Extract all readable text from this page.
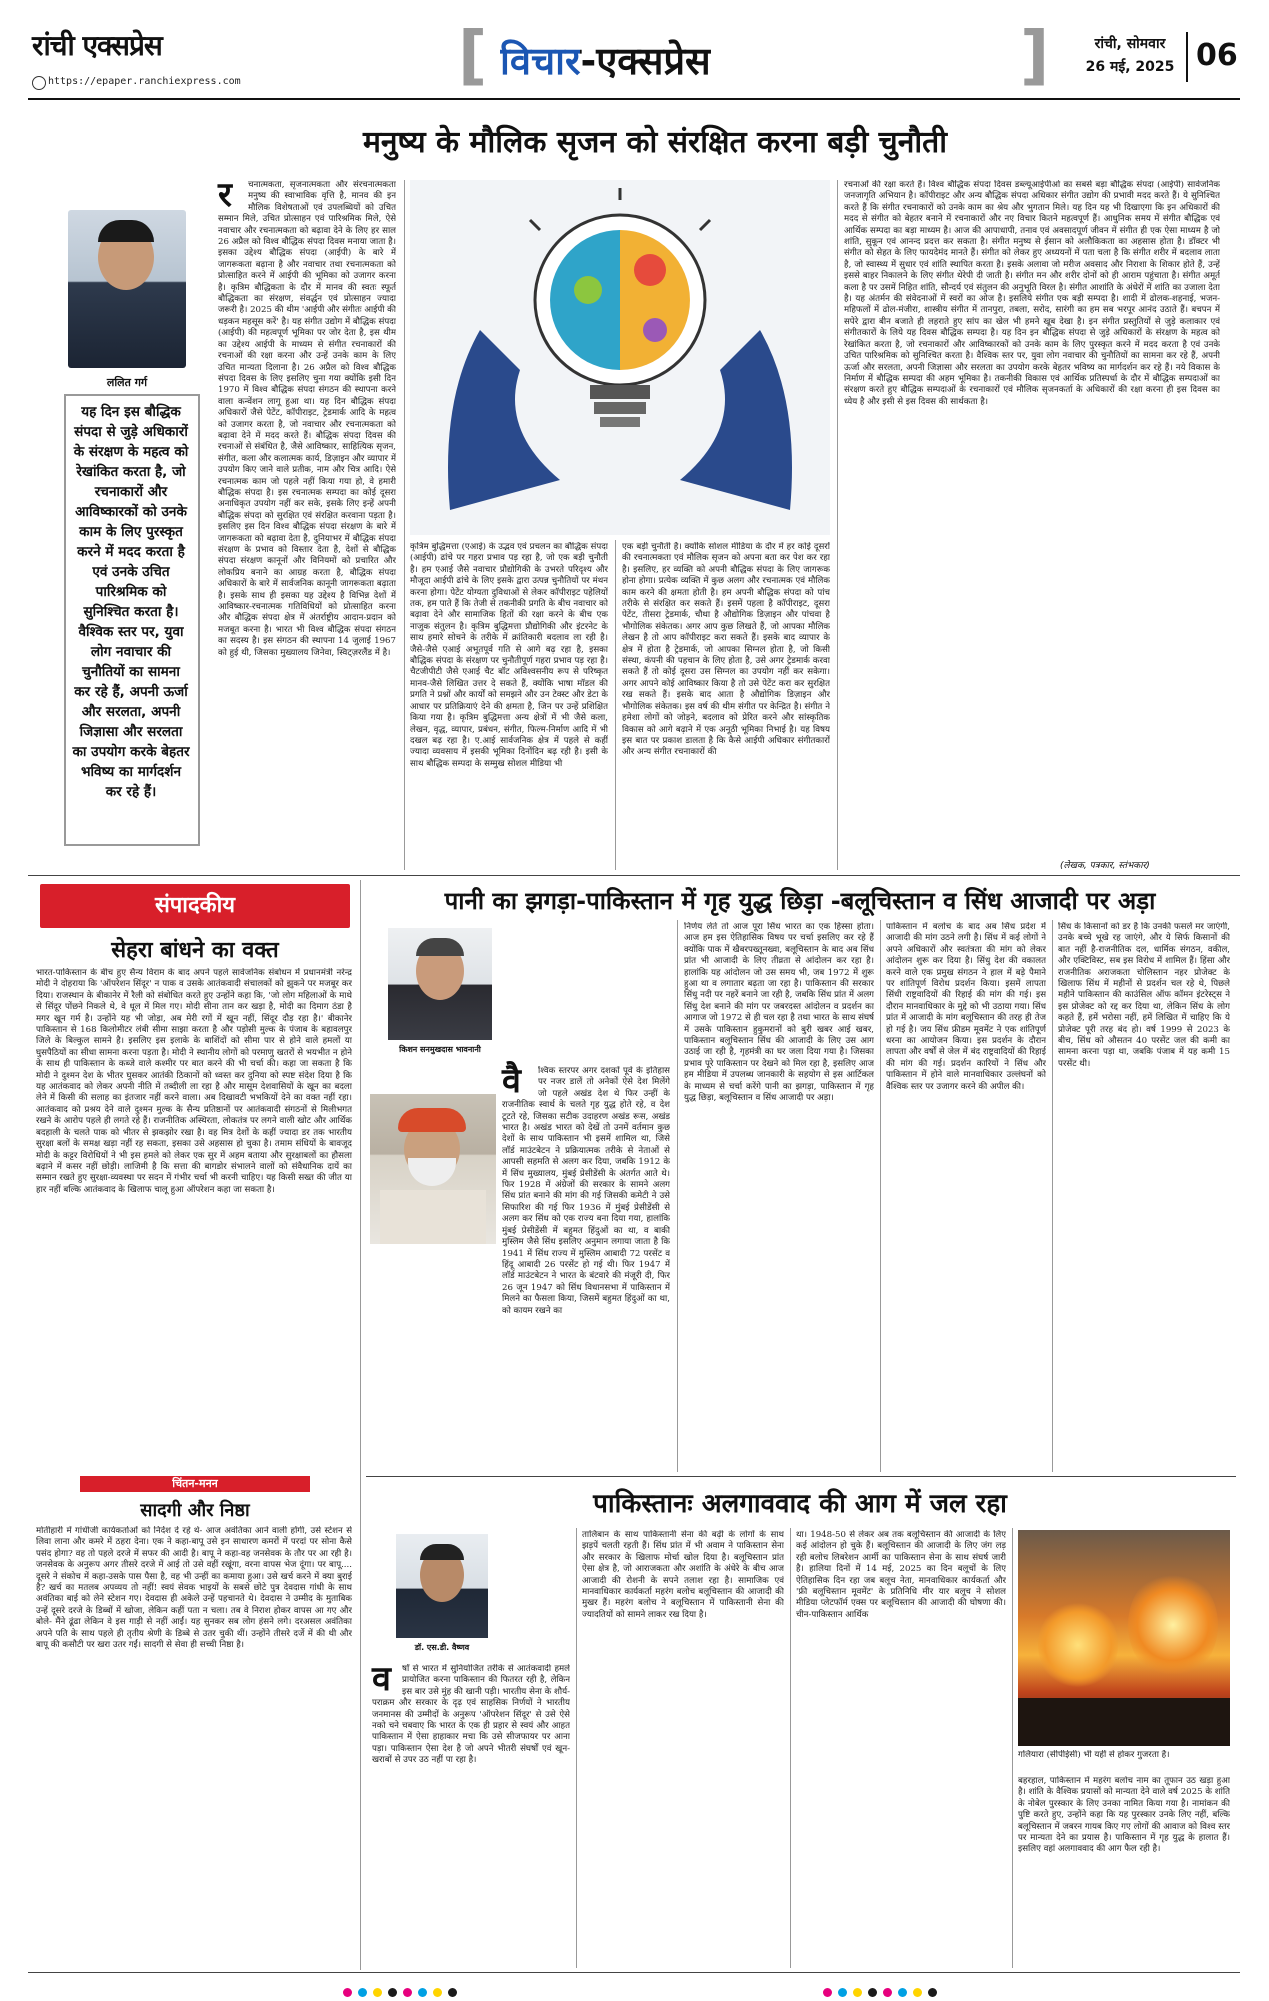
रांची एक्सप्रेस
https://epaper.ranchiexpress.com	[ विचार-एक्सप्रेस	]	रांची, सोमवार
26 मई, 2025 06
मनुष्य के मौलिक सृजन को संरक्षित करना बड़ी चुनौती
ललित गर्ग
यह दिन इस बौद्धिक संपदा से जुड़े अधिकारों के संरक्षण के महत्व को रेखांकित करता है, जो रचनाकारों और आविष्कारकों को उनके काम के लिए पुरस्कृत करने में मदद करता है एवं उनके उचित पारिश्रमिक को सुनिश्चित करता है। वैश्विक स्तर पर, युवा लोग नवाचार की चुनौतियों का सामना कर रहे हैं, अपनी ऊर्जा और सरलता, अपनी जिज्ञासा और सरलता का उपयोग करके बेहतर भविष्य का मार्गदर्शन कर रहे हैं।
र	चनात्मकता, सृजनात्मकता और संरचनात्मकता मनुष्य की स्वाभाविक वृत्ति है, मानव की इन मौलिक विशेषताओं एवं उपलब्धियों को उचित सम्मान मिले, उचित प्रोत्साहन एवं पारिश्रमिक मिले, ऐसे नवाचार और रचनात्मकता को बढ़ावा देने के लिए हर साल 26 अप्रैल को विश्व बौद्धिक संपदा दिवस मनाया जाता है। इसका उद्देश्य बौद्धिक संपदा (आईपी) के बारे में जागरूकता बढ़ाना है और नवाचार तथा रचनात्मकता को प्रोत्साहित करने में आईपी की भूमिका को उजागर करना है। कृत्रिम बौद्धिकता के दौर में मानव की स्वतः स्फूर्त बौद्धिकता का संरक्षण, संवर्द्धन एवं प्रोत्साहन ज्यादा जरूरी है। 2025 की थीम 'आईपी और संगीतः आईपी की धड़कन महसूस करें' है। यह संगीत उद्योग में बौद्धिक संपदा (आईपी) की महत्वपूर्ण भूमिका पर जोर देता है, इस थीम का उद्देश्य आईपी के माध्यम से संगीत रचनाकारों की रचनाओं की रक्षा करना और उन्हें उनके काम के लिए उचित मान्यता दिलाना है। 26 अप्रैल को विश्व बौद्धिक संपदा दिवस के लिए इसलिए चुना गया क्योंकि इसी दिन 1970 में विश्व बौद्धिक संपदा संगठन की स्थापना करने वाला कन्वेंशन लागू हुआ था। यह दिन बौद्धिक संपदा अधिकारों जैसे पेटेंट, कॉपीराइट, ट्रेडमार्क आदि के महत्व को उजागर करता है, जो नवाचार और रचनात्मकता को बढ़ावा देने में मदद करते हैं। बौद्धिक संपदा दिवस की रचनाओं से संबंधित है, जैसे आविष्कार, साहित्यिक सृजन, संगीत, कला और कलात्मक कार्य, डिज़ाइन और व्यापार में उपयोग किए जाने वाले प्रतीक, नाम और चित्र आदि। ऐसे रचनात्मक काम जो पहले नहीं किया गया हो, वे हमारी बौद्धिक संपदा है। इस रचनात्मक सम्पदा का कोई दूसरा अनाधिकृत उपयोग नहीं कर सके, इसके लिए इन्हें अपनी बौद्धिक संपदा को सुरक्षित एवं संरक्षित करवाना पड़ता है। इसलिए इस दिन विश्व बौद्धिक संपदा संरक्षण के बारे में जागरूकता को बढ़ावा देता है, दुनियाभर में बौद्धिक संपदा संरक्षण के प्रभाव को विस्तार देता है, देशों से बौद्धिक संपदा संरक्षण कानूनों और विनियमों को प्रचारित और लोकप्रिय बनाने का आग्रह करता है, बौद्धिक संपदा अधिकारों के बारे में सार्वजनिक कानूनी जागरूकता बढ़ाता है। इसके साथ ही इसका यह उद्देश्य है विभिन्न देशों में आविष्कार-रचनात्मक गतिविधियों को प्रोत्साहित करना और बौद्धिक संपदा क्षेत्र में अंतर्राष्ट्रीय आदान-प्रदान को मजबूत करना है। भारत भी विश्व बौद्धिक संपदा संगठन का सदस्य है। इस संगठन की स्थापना 14 जुलाई 1967 को हुई थी, जिसका मुख्यालय जिनेवा, स्विट्ज़रलैंड में है।
कृत्रिम बुद्धिमत्ता (एआई) के उद्भव एवं प्रचलन का बौद्धिक संपदा (आईपी) ढांचे पर गहरा प्रभाव पड़ रहा है, जो एक बड़ी चुनौती है। हम एआई जैसे नवाचार प्रौद्योगिकी के उभरते परिदृश्य और मौजूदा आईपी ढांचे के लिए इसके द्वारा उत्पन्न चुनौतियों पर मंथन करना होगा। पेटेंट योग्यता दुविधाओं से लेकर कॉपीराइट पहेलियों तक, हम पाते हैं कि तेजी से तकनीकी प्रगति के बीच नवाचार को बढ़ावा देने और सामाजिक हितों की रक्षा करने के बीच एक नाजुक संतुलन है। कृत्रिम बुद्धिमत्ता प्रौद्योगिकी और इंटरनेट के साथ हमारे सोचने के तरीके में क्रांतिकारी बदलाव ला रही है। जैसे-जैसे एआई अभूतपूर्व गति से आगे बढ़ रहा है, इसका बौद्धिक संपदा के संरक्षण पर चुनौतीपूर्ण गहरा प्रभाव पड़ रहा है। चैटजीपीटी जैसे एआई चैट बॉट अविश्वसनीय रूप से परिष्कृत मानव-जैसे लिखित उत्तर दे सकते हैं, क्योंकि भाषा मॉडल की प्रगति ने प्रश्नों और कार्यों को समझने और उन टेक्स्ट और डेटा के आधार पर प्रतिक्रियाएं देने की क्षमता है, जिन पर उन्हें प्रशिक्षित किया गया है। कृत्रिम बुद्धिमत्ता अन्य क्षेत्रों में भी जैसे कला, लेखन, वृद्ध, व्यापार, प्रबंधन, संगीत, फिल्म-निर्माण आदि में भी दखल बढ़ रहा है। ए.आई सार्वजनिक क्षेत्र में पहले से कहीं ज्यादा व्यवसाय में इसकी भूमिका दिनोंदिन बढ़ रही है। इसी के साथ बौद्धिक सम्पदा के सम्मुख सोशल मीडिया भी
एक बड़ी चुनौती है। क्योंकि सोशल मीडिया के दौर में हर कोई दूसरों की रचनात्मकता एवं मौलिक सृजन को अपना बता कर पेश कर रहा है। इसलिए, हर व्यक्ति को अपनी बौद्धिक संपदा के लिए जागरूक होना होगा। प्रत्येक व्यक्ति में कुछ अलग और रचनात्मक एवं मौलिक काम करने की क्षमता होती है। हम अपनी बौद्धिक संपदा को पांच तरीके से संरक्षित कर सकते हैं। इसमें पहला है कॉपीराइट, दूसरा पेटेंट, तीसरा ट्रेडमार्क, चौथा है औद्योगिक डिज़ाइन और पांचवा है भौगोलिक संकेतक। अगर आप कुछ लिखते हैं, जो आपका मौलिक लेखन है तो आप कॉपीराइट करा सकते हैं। इसके बाद व्यापार के क्षेत्र में होता है ट्रेडमार्क, जो आपका सिग्नल होता है, जो किसी संस्था, कंपनी की पहचान के लिए होता है, उसे अगर ट्रेडमार्क करवा सकते हैं तो कोई दूसरा उस सिग्नल का उपयोग नहीं कर सकेगा। अगर आपने कोई आविष्कार किया है तो उसे पेटेंट करा कर सुरक्षित रख सकते हैं। इसके बाद आता है औद्योगिक डिज़ाइन और भौगोलिक संकेतक। इस वर्ष की थीम संगीत पर केन्द्रित है। संगीत ने हमेशा लोगों को जोड़ने, बदलाव को प्रेरित करने और सांस्कृतिक विकास को आगे बढ़ाने में एक अनूठी भूमिका निभाई है। यह विषय इस बात पर प्रकाश डालता है कि कैसे आईपी अधिकार संगीतकारों और अन्य संगीत रचनाकारों की
रचनाओं की रक्षा करते हैं। विश्व बौद्धिक संपदा दिवस डब्ल्यूआईपीओ का सबसे बड़ा बौद्धिक संपदा (आईपी) सार्वजनिक जनजागृति अभियान है। कॉपीराइट और अन्य बौद्धिक संपदा अधिकार संगीत उद्योग की प्रभावी मदद करते हैं। ये सुनिश्चित करते हैं कि संगीत रचनाकारों को उनके काम का श्रेय और भुगतान मिले। यह दिन यह भी दिखाएगा कि इन अधिकारों की मदद से संगीत को बेहतर बनाने में रचनाकारों और नए विचार कितने महत्वपूर्ण हैं। आधुनिक समय में संगीत बौद्धिक एवं आर्थिक सम्पदा का बड़ा माध्यम है। आज की आपाधापी, तनाव एवं अवसादपूर्ण जीवन में संगीत ही एक ऐसा माध्यम है जो शांति, सुकून एवं आनन्द प्रदत्त कर सकता है। संगीत मनुष्य से ईसान को अलौकिकता का अहसास होता है। डॉक्टर भी संगीत को सेहत के लिए फायदेमंद मानते हैं। संगीत को लेकर हुए अध्ययनों में पता चला है कि संगीत शरीर में बदलाव लाता है, जो स्वास्थ्य में सुधार एवं शांति स्थापित करता है। इसके अलावा जो मरीज अवसाद और निराशा के शिकार होते हैं, उन्हें इससे बाहर निकालने के लिए संगीत थेरेपी दी जाती है। संगीत मन और शरीर दोनों को ही आराम पहुंचाता है। संगीत अमूर्त कला है पर उसमें निहित शांति, सौन्दर्य एवं संतुलन की अनुभूति विरल है। संगीत आशांति के अंधेरों में शांति का उजाला देता है। यह अंतर्मन की संवेदनाओं में स्वरों का ओज है। इसलिये संगीत एक बड़ी सम्पदा है। शादी में ढोलक-शहनाई, भजन-महिफलों में ढोल-मंजीरा, शास्त्रीय संगीत में तानपुरा, तबला, सरोद, सारंगी का हम सब भरपूर आनंद उठाते हैं। बचपन में सपेरे द्वारा बीन बजाते ही लहराते हुए सांप का खेल भी हमने खूब देखा है। इन संगीत प्रस्तुतियों से जुड़े कलाकार एवं संगीतकारों के लिये यह दिवस बौद्धिक सम्पदा है। यह दिन इन बौद्धिक संपदा से जुड़े अधिकारों के संरक्षण के महत्व को रेखांकित करता है, जो रचनाकारों और आविष्कारकों को उनके काम के लिए पुरस्कृत करने में मदद करता है एवं उनके उचित पारिश्रमिक को सुनिश्चित करता है। वैश्विक स्तर पर, युवा लोग नवाचार की चुनौतियों का सामना कर रहे हैं, अपनी ऊर्जा और सरलता, अपनी जिज्ञासा और सरलता का उपयोग करके बेहतर भविष्य का मार्गदर्शन कर रहे हैं। नये विकास के निर्माण में बौद्धिक सम्पदा की अहम भूमिका है। तकनीकी विकास एवं आर्थिक प्रतिस्पर्धा के दौर में बौद्धिक सम्पदाओं का संरक्षण करते हुए बौद्धिक सम्पदाओं के रचनाकारों एवं मौलिक सृजनकर्ता के अधिकारों की रक्षा करना ही इस दिवस का ध्येय है और इसी से इस दिवस की सार्थकता है।
(लेखक, पत्रकार, स्तंभकार)
संपादकीय
सेहरा बांधने का वक्त
भारत-पाकिस्तान के बीच हुए सैन्य विराम के बाद अपने पहले सार्वजनिक संबोधन में प्रधानमंत्री नरेन्द्र मोदी ने दोहराया कि 'ऑपरेशन सिंदूर' न पाक व उसके आतंकवादी संचालकों को झुकने पर मजबूर कर दिया। राजस्थान के बीकानेर में रैली को संबोधित करते हुए उन्होंने कहा कि, 'जो लोग महिलाओं के माथे से सिंदूर पोंछने निकले थे, वे धूल में मिल गए। मोदी सीना तान कर खड़ा है, मोदी का दिमाग ठंडा है मगर खून गर्म है। उन्होंने यह भी जोड़ा, अब मेरी रगों में खून नहीं, सिंदूर दौड़ रहा है।' बीकानेर पाकिस्तान से 168 किलोमीटर लंबी सीमा साझा करता है और पड़ोसी मुल्क के पंजाब के बहावलपुर जिले के बिल्कुल सामने है। इसलिए इस इलाके के बाशिंदों को सीमा पार से होने वाले हमलों या घुसपैठियों का सीधा सामना करना पड़ता है। मोदी ने स्थानीय लोगों को परमाणु खतरों से भयभीत न होने के साथ ही पाकिस्तान के कब्जे वाले कश्मीर पर बात करने की भी चर्चा की। कहा जा सकता है कि मोदी ने दुश्मन देश के भीतर घुसकर आतंकी ठिकानों को ध्वस्त कर दुनिया को स्पष्ट संदेश दिया है कि यह आतंकवाद को लेकर अपनी नीति में तब्दीली ला रहा है और मासूम देशवासियों के खून का बदला लेने में किसी की सलाह का इंतजार नहीं करने वाला। अब दिखावटी भभकियों देने का वक्त नहीं रहा। आतंकवाद को प्रश्रय देने वाले दुश्मन मुल्क के सैन्य प्रतिष्ठानों पर आतंकवादी संगठनों से मिलीभगत रखने के आरोप पहले ही लगते रहे हैं। राजनीतिक अस्थिरता, लोकतंत्र पर लगने वाली खोट और आर्थिक बदहाली के चलते पाक को भीतर से झकझोर रखा है। वह मित्र देशों के कहीं ज्यादा डर तक भारतीय सुरक्षा बलों के समक्ष खड़ा नहीं रह सकता, इसका उसे अहसास हो चुका है। तमाम संधियों के बावजूद मोदी के कट्टर विरोधियों ने भी इस हमले को लेकर एक सुर में अहम बताया और सुरक्षाबलों का हौसला बढ़ाने में कसर नहीं छोड़ी। लाजिमी है कि सत्ता की बागडोर संभालने वालों को संवैधानिक दायें का सम्मान रखते हुए सुरक्षा-व्यवस्था पर सदन में गंभीर चर्चा भी करनी चाहिए। यह किसी सख्त की जीत या हार नहीं बल्कि आतंकवाद के खिलाफ चालू हुआ ऑपरेशन कहा जा सकता है।
चिंतन-मनन
सादगी और निष्ठा
मोतीहारी में गांधीजी कार्यकर्ताओं को निर्देश दे रहे थे- आज अवंतिका आने वाली होंगी, उसे स्टेशन से लिवा लाना और कमरे में ठहरा देना। एक ने कहा-बापू उसे इन साधारण कमरों में परदां पर सोना कैसे पसंद होगा? वह तो पहले दरजे में सफर की आदी है। बापू ने कहा-वह जनसेवक के तौर पर आ रही है। जनसेवक के अनुरूप अगर तीसरे दरजे में आई तो उसे वहीं रखूंगा, वरना वापस भेज दूंगा। पर बापू.... दूसरे ने संकोच में कहा-उसके पास पैसा है, वह भी उन्हीं का कमाया हुआ। उसे खर्च करने में क्या बुराई है? खर्च का मतलब अपव्यय तो नहीं! स्वयं सेवक भाइयों के सबसे छोटे पुत्र देवदास गांधी के साथ अवंतिका बाई को लेने स्टेशन गए। देवदास ही अकेले उन्हें पहचानते थे। देवदास ने उम्मीद के मुताबिक उन्हें दूसरे दरजे के डिब्बों में खोजा, लेकिन कहीं पता न चला। तब वे निराश होकर वापस आ गए और बोले- मैंने ढूंढा लेकिन वे इस गाड़ी से नहीं आईं। यह सुनकर सब लोग हंसने लगे। दरअसल अवंतिका अपने पति के साथ पहले ही तृतीय श्रेणी के डिब्बे से उतर चुकी थीं। उन्होंने तीसरे दर्जे में की थी और बापू की कसौटी पर खरा उतर गईं। सादगी से सेवा ही सच्ची निष्ठा है।
पानी का झगड़ा-पाकिस्तान में गृह युद्ध छिड़ा -बलूचिस्तान व सिंध आजादी पर अड़ा
किशन सनमुखदास भावनानी
वै	श्विक स्तरपर अगर दशकों पूर्व के इतिहास पर नजर डालें तो अनेकों ऐसे देश मिलेंगे जो पहले अखंड देश थे फिर उन्हीं के राजनीतिक स्वार्थ के चलते गृह युद्ध होते रहे, व देश टूटते रहे, जिसका सटीक उदाहरण अखंड रूस, अखंड भारत है। अखंड भारत को देखें तो उनमें वर्तमान कुछ देशों के साथ पाकिस्तान भी इसमें शामिल था, जिसे लॉर्ड माउंटबेटन ने प्रक्रियात्मक तरीके से नेताओं से आपसी सहमति से अलग कर दिया, जबकि 1912 के में सिंध मुख्यालय, मुंबई प्रेसीडेंसी के अंतर्गत आते थे। फिर 1928 में अंग्रेजों की सरकार के सामने अलग सिंध प्रांत बनाने की मांग की गई जिसकी कमेटी ने उसे सिफारिश की गई फिर 1936 में मुंबई प्रेसीडेंसी से अलग कर सिंध को एक राज्य बना दिया गया, हालांकि मुंबई प्रेसीडेंसी में बहुमत हिंदुओं का था, व बाकी मुस्लिम जैसे सिंध इसलिए अनुमान लगाया जाता है कि 1941 में सिंध राज्य में मुस्लिम आबादी 72 परसेंट व हिंदू आबादी 26 परसेंट हो गई थी। फिर 1947 में लॉर्ड माउंटबेटन ने भारत के बंटवारे की मंजूरी दी, फिर 26 जून 1947 को सिंध विधानसभा में पाकिस्तान में मिलने का फैसला किया, जिसमें बहुमत हिंदुओं का था, को कायम रखने का
निर्णय लेते तो आज पूरा सिंध भारत का एक हिस्सा होता। आज हम इस ऐतिहासिक विषय पर चर्चा इसलिए कर रहे हैं क्योंकि पाक में खैबरपख्तूनख्वा, बलूचिस्तान के बाद अब सिंध प्रांत भी आजादी के लिए तीव्रता से आंदोलन कर रहा है। हालांकि यह आंदोलन जो उस समय भी, जब 1972 में शुरू हुआ था व लगातार बढ़ता जा रहा है। पाकिस्तान की सरकार सिंधु नदी पर नहरें बनाने जा रही है, जबकि सिंध प्रांत में अलग सिंधु देश बनाने की मांग पर जबरदस्त आंदोलन व प्रदर्शन का आगाज जो 1972 से ही चल रहा है तथा भारत के साथ संघर्ष में उसके पाकिस्तान हुकुमरानों को बुरी खबर आई खबर, पाकिस्तान बलूचिस्तान सिंध की आजादी के लिए उस आग उठाई जा रही है, गृहमंत्री का घर जला दिया गया है। जिसका प्रभाव पूरे पाकिस्तान पर देखने को मिल रहा है, इसलिए आज हम मीडिया में उपलब्ध जानकारी के सहयोग से इस आर्टिकल के माध्यम से चर्चा करेंगे पानी का झगड़ा, पाकिस्तान में गृह युद्ध छिड़ा, बलूचिस्तान व सिंध आजादी पर अड़ा।
पाकिस्तान में बलोच के बाद अब सिंध प्रदेश में आजादी की मांग उठने लगी है। सिंध में कई लोगों ने अपने अधिकारों और स्वतंत्रता की मांग को लेकर आंदोलन शुरू कर दिया है। सिंधु देश की वकालत करने वाले एक प्रमुख संगठन ने हाल में बड़े पैमाने पर शांतिपूर्ण विरोध प्रदर्शन किया। इसमें लापता सिंधी राष्ट्रवादियों की रिहाई की मांग की गई। इस दौरान मानवाधिकार के मुद्दे को भी उठाया गया। सिंध प्रांत में आजादी के मांग बलूचिस्तान की तरह ही तेज हो गई है। जय सिंध फ्रीडम मूवमेंट ने एक शांतिपूर्ण धरना का आयोजन किया। इस प्रदर्शन के दौरान लापता और वर्षों से जेल में बंद राष्ट्रवादियों की रिहाई की मांग की गई। प्रदर्शन कारियों ने सिंध और पाकिस्तान में होने वाले मानवाधिकार उल्लंघनों को वैश्विक स्तर पर उजागर करने की अपील की।
सिंध के किसानों को डर है कि उनकी फसलें मर जाएंगी, उनके बच्चे भूखे रह जाएंगे, और ये सिर्फ किसानों की बात नहीं है-राजनीतिक दल, धार्मिक संगठन, वकील, और एक्टिविस्ट, सब इस विरोध में शामिल हैं। हिंसा और राजनीतिक अराजकता चोलिस्तान नहर प्रोजेक्ट के खिलाफ सिंध में महीनों से प्रदर्शन चल रहे थे, पिछले महीने पाकिस्तान की काउंसिल ऑफ कॉमन इंटरेस्ट्स ने इस प्रोजेक्ट को रद्द कर दिया था, लेकिन सिंध के लोग कहते हैं, हमें भरोसा नहीं, हमें लिखित में चाहिए कि ये प्रोजेक्ट पूरी तरह बंद हो। वर्ष 1999 से 2023 के बीच, सिंध को औसतन 40 परसेंट जल की कमी का सामना करना पड़ा था, जबकि पंजाब में यह कमी 15 परसेंट थी।
पाकिस्तानः अलगाववाद की आग में जल रहा
डॉ. एस.डी. वैष्णव
व	र्षों से भारत में सुनियोजित तरीके से आतंकवादी हमले प्रायोजित करना पाकिस्तान की फितरत रही है, लेकिन इस बार उसे मुंह की खानी पड़ी। भारतीय सेना के शौर्य-पराक्रम और सरकार के दृढ़ एवं साहसिक निर्णयों ने भारतीय जनमानस की उम्मीदों के अनुरूप 'ऑपरेशन सिंदूर' से उसे ऐसे नको चने चबवाए कि भारत के एक ही प्रहार से स्वयं और आहत पाकिस्तान में ऐसा हाहाकार मचा कि उसे सीजफायर पर आना पड़ा। पाकिस्तान ऐसा देश है जो अपने भीतरी संघर्षों एवं खून-खराबों से उपर उठ नहीं पा रहा है।
तालिबान के साथ पाकिस्तानी सेना की बढ़ी के लोगों के साथ झड़पें चलती रहती हैं। सिंध प्रांत में भी अवाम ने पाकिस्तान सेना और सरकार के खिलाफ मोर्चा खोल दिया है। बलूचिस्तान प्रांत ऐसा क्षेत्र है, जो आराजकता और अशांति के अंधेरे के बीच आज आजादी की रोशनी के सपने तलाश रहा है। सामाजिक एवं मानवाधिकार कार्यकर्ता महरंग बलोच बलूचिस्तान की आजादी की मुखर हैं। महरंग बलोच ने बलूचिस्तान में पाकिस्तानी सेना की ज्यादतियों को सामने लाकर रख दिया है।
था। 1948-50 से लेकर अब तक बलूचिस्तान की आजादी के लिए कई आंदोलन हो चुके हैं। बलूचिस्तान की आजादी के लिए जंग लड़ रही बलोच लिबरेशन आर्मी का पाकिस्तान सेना के साथ संघर्ष जारी है। हालिया दिनों में 14 मई, 2025 का दिन बलूचों के लिए ऐतिहासिक दिन रहा जब बलूच नेता, मानवाधिकार कार्यकर्ता और 'फ्री बलूचिस्तान मूवमेंट' के प्रतिनिधि मीर यार बलूच ने सोशल मीडिया प्लेटफॉर्म एक्स पर बलूचिस्तान की आजादी की घोषणा की। चीन-पाकिस्तान आर्थिक
गलियारा (सीपीईसी) भी यहीं से होकर गुजरता है।
बहरहाल, पाकिस्तान में महरंग बलोच नाम का तूफान उठ खड़ा हुआ है। शांति के वैश्विक प्रयासों को मान्यता देने वाले वर्ष 2025 के शांति के नोबेल पुरस्कार के लिए उनका नामित किया गया है। नामांकन की पुष्टि करते हुए, उन्होंने कहा कि यह पुरस्कार उनके लिए नहीं, बल्कि बलूचिस्तान में जबरन गायब किए गए लोगों की आवाज को विश्व स्तर पर मान्यता देने का प्रयास है। पाकिस्तान में गृह युद्ध के हालात हैं। इसलिए वहां अलगाववाद की आग फैल रही है।
